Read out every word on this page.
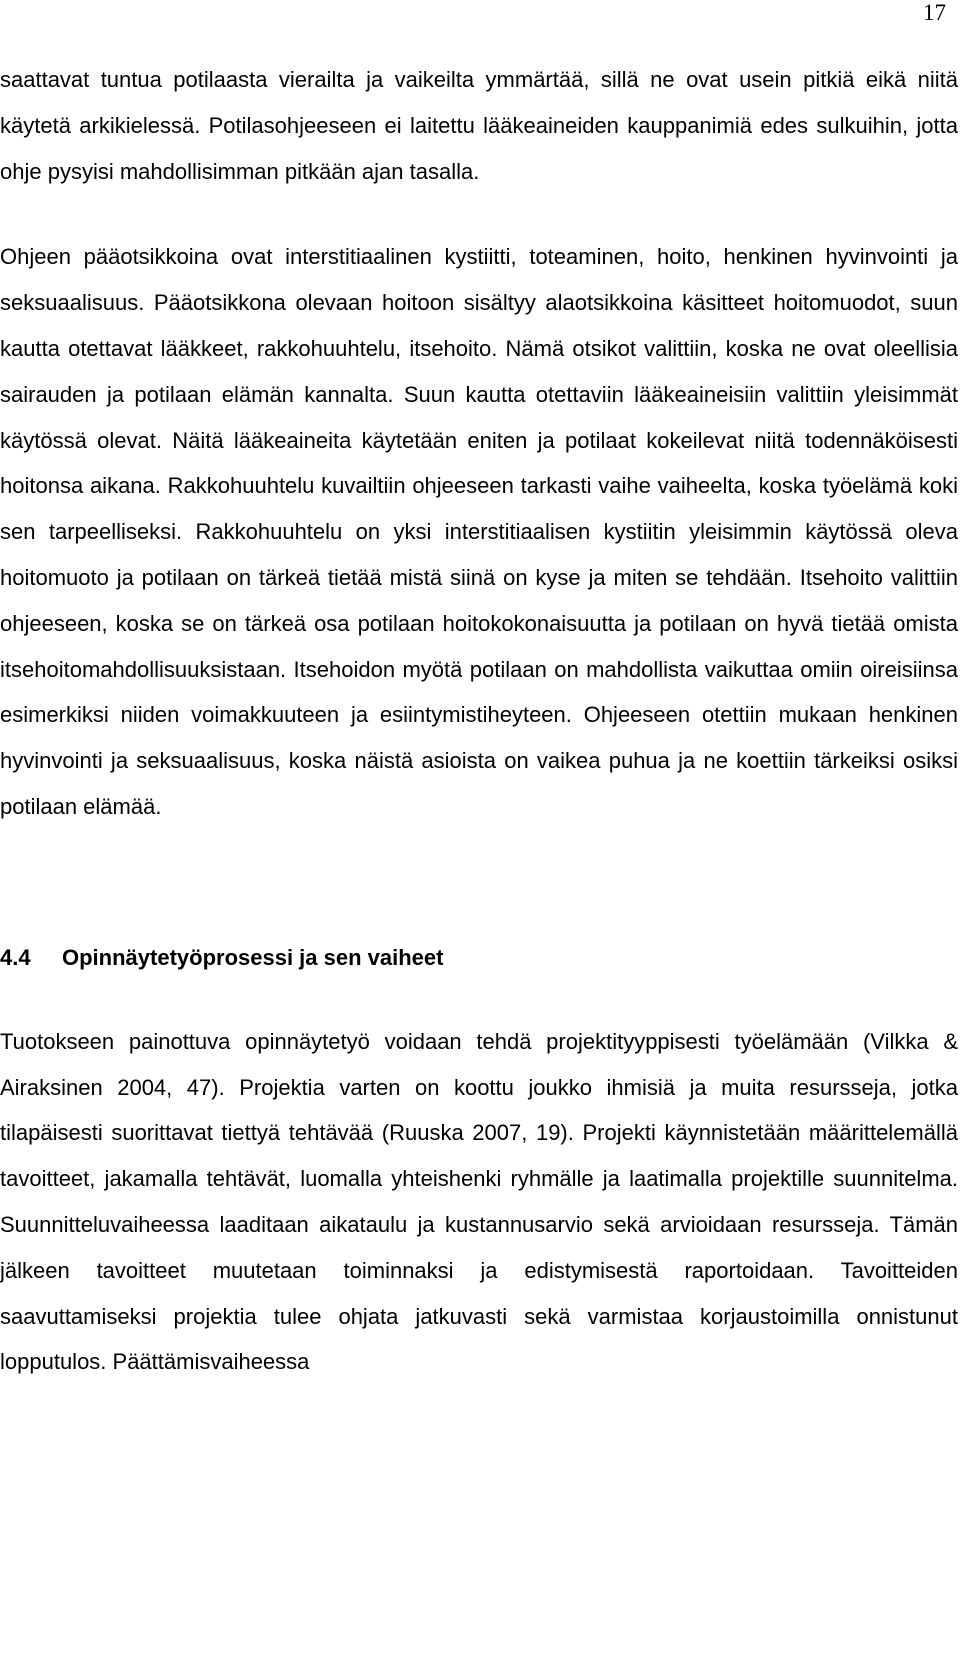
17

saattavat tuntua potilaasta vierailta ja vaikeilta ymmärtää, sillä ne ovat usein pitkiä eikä niitä käytetä arkikielessä. Potilasohjeeseen ei laitettu lääkeaineiden kauppanimiä edes sulkuihin, jotta ohje pysyisi mahdollisimman pitkään ajan tasalla.

Ohjeen pääotsikkoina ovat interstitiaalinen kystiitti, toteaminen, hoito, henkinen hyvinvointi ja seksuaalisuus. Pääotsikkona olevaan hoitoon sisältyy alaotsikkoina käsitteet hoitomuodot, suun kautta otettavat lääkkeet, rakkohuuhtelu, itsehoito. Nämä otsikot valittiin, koska ne ovat oleellisia sairauden ja potilaan elämän kannalta. Suun kautta otettaviin lääkeaineisiin valittiin yleisimmät käytössä olevat. Näitä lääkeaineita käytetään eniten ja potilaat kokeilevat niitä todennäköisesti hoitonsa aikana. Rakkohuuhtelu kuvailtiin ohjeeseen tarkasti vaihe vaiheelta, koska työelämä koki sen tarpeelliseksi. Rakkohuuhtelu on yksi interstitiaalisen kystiitin yleisimmin käytössä oleva hoitomuoto ja potilaan on tärkeä tietää mistä siinä on kyse ja miten se tehdään. Itsehoito valittiin ohjeeseen, koska se on tärkeä osa potilaan hoitokokonaisuutta ja potilaan on hyvä tietää omista itsehoitomahdollisuuksistaan. Itsehoidon myötä potilaan on mahdollista vaikuttaa omiin oireisiinsa esimerkiksi niiden voimakkuuteen ja esiintymistiheyteen. Ohjeeseen otettiin mukaan henkinen hyvinvointi ja seksuaalisuus, koska näistä asioista on vaikea puhua ja ne koettiin tärkeiksi osiksi potilaan elämää.

4.4 Opinnäytetyöprosessi ja sen vaiheet

Tuotokseen painottuva opinnäytetyö voidaan tehdä projektityyppisesti työelämään (Vilkka & Airaksinen 2004, 47). Projektia varten on koottu joukko ihmisiä ja muita resursseja, jotka tilapäisesti suorittavat tiettyä tehtävää (Ruuska 2007, 19). Projekti käynnistetään määrittelemällä tavoitteet, jakamalla tehtävät, luomalla yhteishenki ryhmälle ja laatimalla projektille suunnitelma. Suunnitteluvaiheessa laaditaan aikataulu ja kustannusarvio sekä arvioidaan resursseja. Tämän jälkeen tavoitteet muutetaan toiminnaksi ja edistymisestä raportoidaan. Tavoitteiden saavuttamiseksi projektia tulee ohjata jatkuvasti sekä varmistaa korjaustoimilla onnistunut lopputulos. Päättämisvaiheessa
